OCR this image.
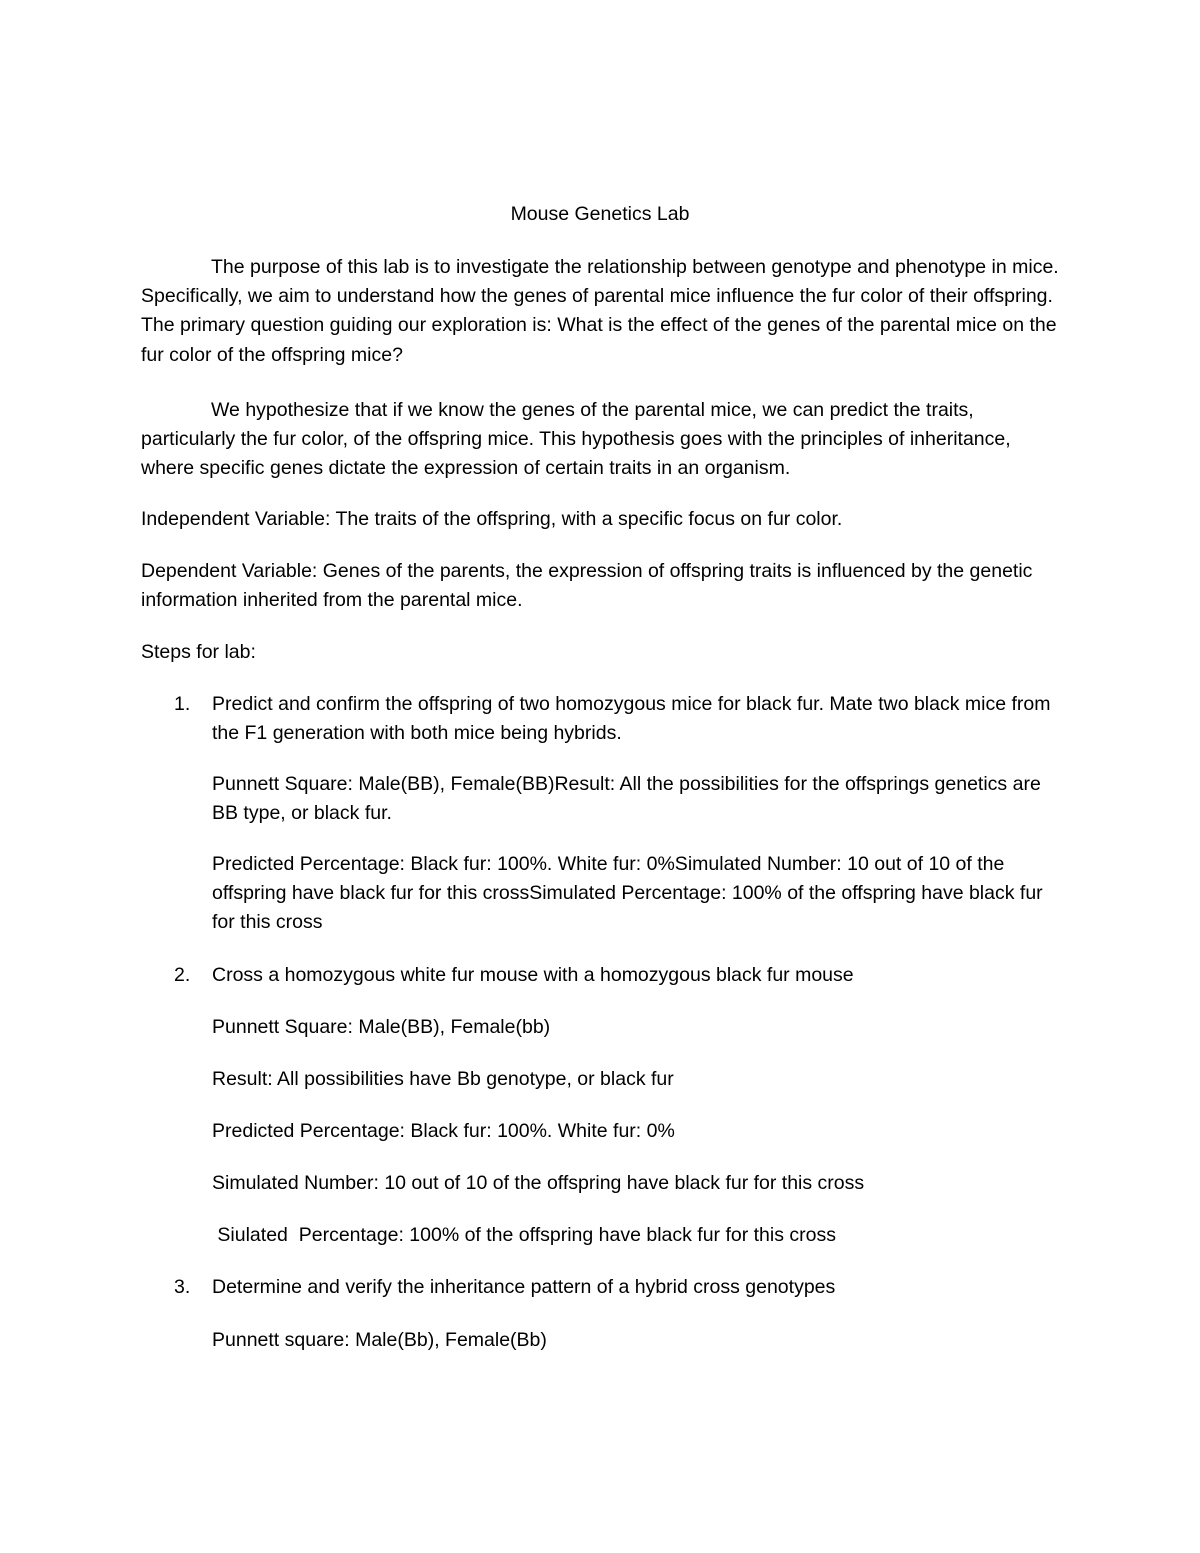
Mouse Genetics Lab

The purpose of this lab is to investigate the relationship between genotype and phenotype in mice. Specifically, we aim to understand how the genes of parental mice influence the fur color of their offspring. The primary question guiding our exploration is: What is the effect of the genes of the parental mice on the fur color of the offspring mice?

We hypothesize that if we know the genes of the parental mice, we can predict the traits, particularly the fur color, of the offspring mice. This hypothesis goes with the principles of inheritance, where specific genes dictate the expression of certain traits in an organism.

Independent Variable: The traits of the offspring, with a specific focus on fur color.

Dependent Variable: Genes of the parents, the expression of offspring traits is influenced by the genetic information inherited from the parental mice.

Steps for lab:

1. Predict and confirm the offspring of two homozygous mice for black fur. Mate two black mice from the F1 generation with both mice being hybrids.

Punnett Square: Male(BB), Female(BB)Result: All the possibilities for the offsprings genetics are BB type, or black fur.

Predicted Percentage: Black fur: 100%. White fur: 0%Simulated Number: 10 out of 10 of the offspring have black fur for this crossSimulated Percentage: 100% of the offspring have black fur for this cross

2. Cross a homozygous white fur mouse with a homozygous black fur mouse

Punnett Square: Male(BB), Female(bb)

Result: All possibilities have Bb genotype, or black fur

Predicted Percentage: Black fur: 100%. White fur: 0%

Simulated Number: 10 out of 10 of the offspring have black fur for this cross

Siulated  Percentage: 100% of the offspring have black fur for this cross

3. Determine and verify the inheritance pattern of a hybrid cross genotypes

Punnett square: Male(Bb), Female(Bb)
